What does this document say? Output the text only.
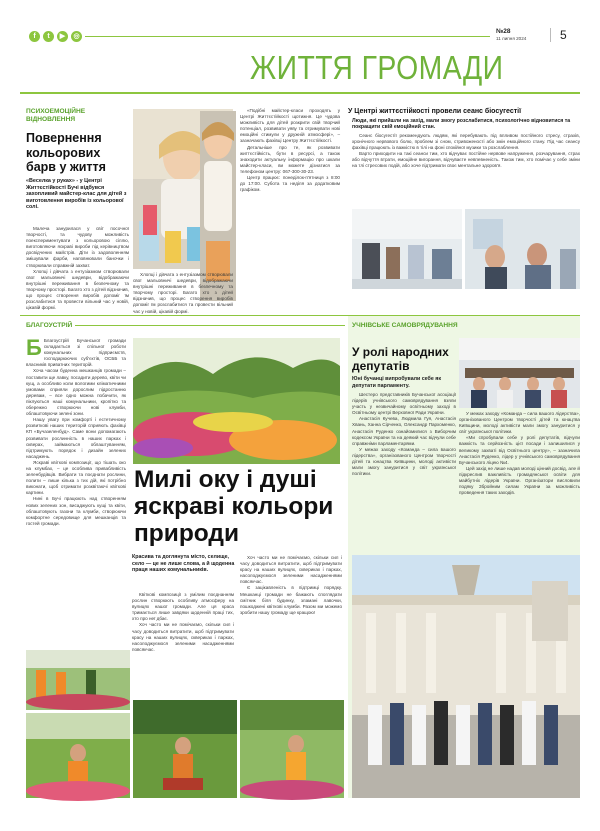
f	t	▶	◎
№28
11 липня 2024	5
ЖИТТЯ ГРОМАДИ
ПСИХОЕМОЦІЙНЕ ВІДНОВЛЕННЯ
Повернення кольорових барв у життя
«Веселка у руках» - у Центрі Життєстійкості Бучі відбувся захопливий майстер-клас для дітей з виготовлення виробів із кольорової солі.

Малеча занурилася у світ посочної творчості, та чудову можливість поекспериментувати з кольоровою сіллю, виготовляючи яскраві вироби під керівництвом досвідчених майстрів. Діти із задоволенням змішували фарби, наповнювали баночки і створювали справжній захват.

Хлопці і дівчата з ентузіазмом створювали свої мальовничі шедеври, відображаючи внутрішні переживання в безпечному та творчому просторі. Багато хто з дітей відзначив, що процес створення виробів допоміг їм розслабитися та провести вільний час у новій, цікавій формі.

Хлопці і дівчата з ентузіазмом створювали свої мальовничі шедеври, відображаючи внутрішні переживання в безпечному та творчому просторі. Багато хто з дітей відзначив, що процес створення виробів допоміг їм розслабитися та провести вільний час у новій, цікавій формі.

«Подібні майстер-класи проходять у Центрі Життєстійкості щотижня. Це чудова можливість для дітей розкрити свій творчий потенціал, розвивати уяву та отримувати нові емоційні стимули у дружній атмосфері», – зазначають фахівці Центру Життєстійкості.

Детальніше про те, як розвивати життєстійкість, бути в ресурсі, а також знаходити актуальну інформацію про шкали майстер-класи, ви можете дізнатися за телефоном центру: 067-300-30-23.

Центр працює: понеділок-п'ятниця з 8:00 до 17:00. Субота та неділя за додатковим графіком.

У Центрі життєстійкості провели сеанс біосугестії
Люди, які прийшли на захід, мали змогу розслабитися, психологічно відновитися та покращити свій емоційний стан.

Сеанс біосугестії рекомендують людям, які перебувають під впливом постійного стресу, страхів, хронічного нервового болю, проблем зі сном, стривоженості або змін емоційного стану. Під час сеансу фахівці працюють із важкістю в тілі на фоні спокійної музики та розслаблення.

Варто приходити на такі сеанси тим, хто відчуває постійне нервове напруження, розчарування, страх або відчуття втрати, емоційне вигорання, відчуваєте невпевненість. Також тим, хто помічає у себе зміни на тлі стресових подій, або хоче підтримати своє ментальне здоров'я.

БЛАГОУСТРІЙ

Б Благоустрій Бучанської громади складається зі спільної роботи комунальних підприємств, господарюючих суб'єктів, ОСББ та власників приватних територій.

Хоча часом буденна мешканців громади – поставити ще лавку, посадити дерево, квіти чи кущ, а особливо коли вологими кліматичними умовами сприяли дорослим підростанню деревам, – все одно можна побачити, як піклуються наші комунальники, кропітко та обережно створюючи нові клумби, облаштовуючи зелені зони.

Нашу увагу при комфорті і естетичному розвиткові наших територій сприяють фахівці КП «Бучазеленбуд». Саме вони допомагають розвивати рослинність в наших парках і скверах, займаються облаштуванням, підтримують порядок і дизайн зелених насаджень.

Яскраві квіткові композиції, що тішать око на клумбах, – це особлива привабливість зеленбудівців. Вибрати та поєднати рослини, полити – лише кілька з тих дій, які потрібно виконати, щоб отримати розквітаючі квіткові картини.

Нині в Бучі працюють над створенням нових зелених зон, висаджують кущі та квіти, облаштовують газони та клумби, створюючи комфортне середовище для мешканців та гостей громади.

Милі оку і душі яскраві кольори природи
Красива та доглянута місто, селище, село — це не лише слова, а й щоденна праця наших комунальників.

Квіткові композиції з умілим поєднанням рослин створюють особливу атмосферу на вулицях нашої громади. Але ця краса тримається лише завдяки щоденній праці тих, хто про неї дбає.

Хоч часто ми не помічаємо, скільки сил і часу доводиться витратити, щоб підтримувати красу на наших вулицях, сквериках і парках, насолоджуємося зеленими насадженнями повсякчас.

Хоч часто ми не помічаємо, скільки сил і часу доводиться витратити, щоб підтримувати красу на наших вулицях, сквериках і парках, насолоджуємося зеленими насадженнями повсякчас.

Є зацікавленість в підтримці порядку. Мешканці громади не бажають споглядати смітник біля будинку, зламані лавочки, пошкоджені квіткові клумби. Разом ми можемо зробити нашу громаду ще кращою!

УЧНІВСЬКЕ САМОВРЯДУВАННЯ
У ролі народних депутатів
Юні бучанці випробували себе як депутати парламенту.

Шестеро представників Бучанської асоціації лідерів учнівського самоврядування взяли участь у незвичайному освітньому заході в Освітньому центрі Верховної Ради України.

Анастасія Кучева, Людмила Гуя, Анастасія Хвань, Ханна Сірченко, Олександр Пархоменко, Анастасія Руденко ознайомилися з Виборчим кодексом України та на деякий час відчули себе справжніми парламентарями.

У межах заходу «Команда – сила вашого лідерства», організованого Центром творчості дітей та юнацтва Київщини, молоді активісти мали змогу зануритися у світ української політики.

У межах заходу «Команда – сила вашого лідерства», організованого Центром творчості дітей та юнацтва Київщини, молоді активісти мали змогу зануритися у світ української політики.

«Ми спробували себе у ролі депутатів, відчули важкість та серйозність цієї посади і залишилися у великому захваті від Освітнього центру», – зазначила Анастасія Руденко, лідер у учнівського самоврядування Бучанського ліцею №4.

Цей захід не лише надав молоді цінний досвід, але й підкреслив важливість громадянської освіти для майбутніх лідерів України. Організатори висловили подяку Збройним силам України за можливість проведення таких заходів.
